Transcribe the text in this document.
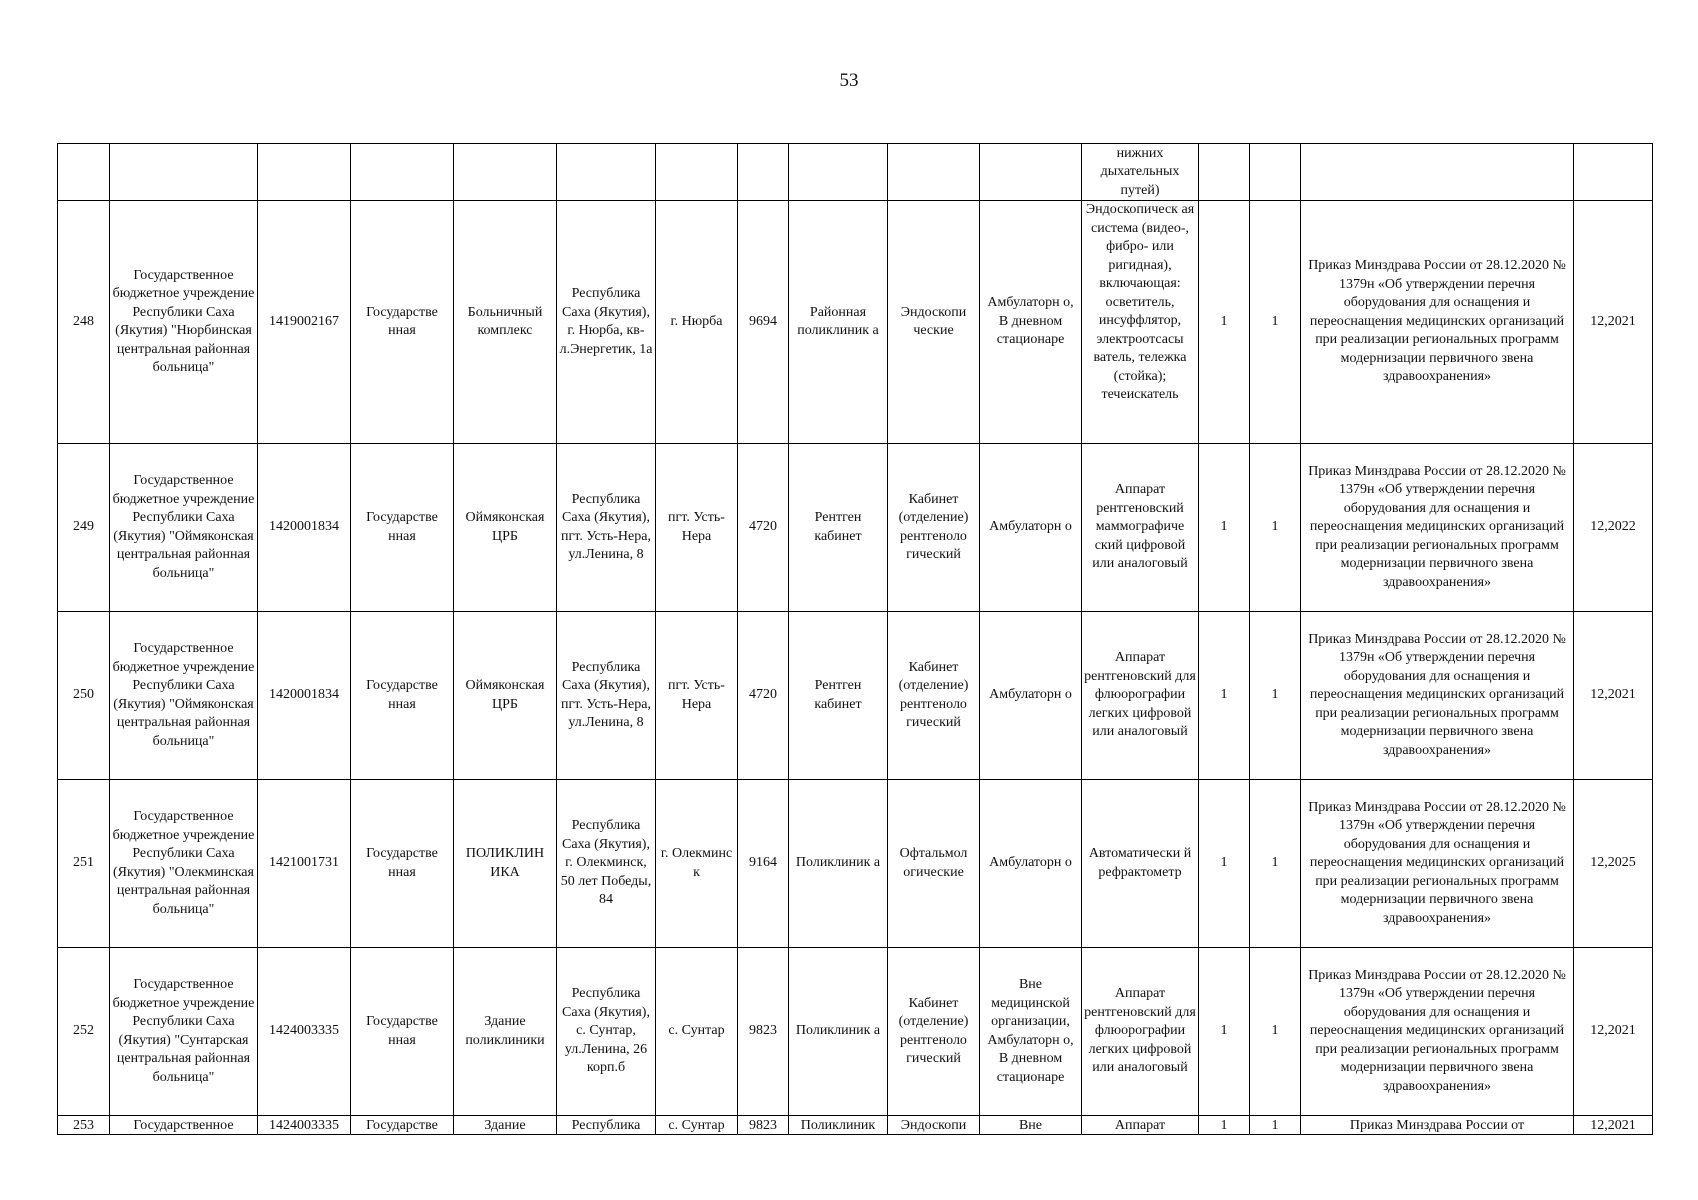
53
											нижних дыхательных путей)				
248	Государственное бюджетное учреждение Республики Саха (Якутия) "Нюрбинская центральная районная больница"	1419002167	Государстве нная	Больничный комплекс	Республика Саха (Якутия), г. Нюрба, кв-л.Энергетик, 1а	г. Нюрба	9694	Районная поликлиник а	Эндоскопи ческие	Амбулаторн о, В дневном стационаре	Эндоскопическ ая система (видео-, фибро- или ригидная), включающая: осветитель, инсуффлятор, электроотсасы ватель, тележка (стойка); течеискатель	1	1	Приказ Минздрава России от 28.12.2020 № 1379н «Об утверждении перечня оборудования для оснащения и переоснащения медицинских организаций при реализации региональных программ модернизации первичного звена здравоохранения»	12,2021
249	Государственное бюджетное учреждение Республики Саха (Якутия) "Оймяконская центральная районная больница"	1420001834	Государстве нная	Оймяконская ЦРБ	Республика Саха (Якутия), пгт. Усть-Нера, ул.Ленина, 8	пгт. Усть-Нера	4720	Рентген кабинет	Кабинет (отделение) рентгеноло гический	Амбулаторн о	Аппарат рентгеновский маммографиче ский цифровой или аналоговый	1	1	Приказ Минздрава России от 28.12.2020 № 1379н «Об утверждении перечня оборудования для оснащения и переоснащения медицинских организаций при реализации региональных программ модернизации первичного звена здравоохранения»	12,2022
250	Государственное бюджетное учреждение Республики Саха (Якутия) "Оймяконская центральная районная больница"	1420001834	Государстве нная	Оймяконская ЦРБ	Республика Саха (Якутия), пгт. Усть-Нера, ул.Ленина, 8	пгт. Усть-Нера	4720	Рентген кабинет	Кабинет (отделение) рентгеноло гический	Амбулаторн о	Аппарат рентгеновский для флюорографии легких цифровой или аналоговый	1	1	Приказ Минздрава России от 28.12.2020 № 1379н «Об утверждении перечня оборудования для оснащения и переоснащения медицинских организаций при реализации региональных программ модернизации первичного звена здравоохранения»	12,2021
251	Государственное бюджетное учреждение Республики Саха (Якутия) "Олекминская центральная районная больница"	1421001731	Государстве нная	ПОЛИКЛИН ИКА	Республика Саха (Якутия), г. Олекминск, 50 лет Победы, 84	г. Олекминс к	9164	Поликлиник а	Офтальмол огические	Амбулаторн о	Автоматически й рефрактометр	1	1	Приказ Минздрава России от 28.12.2020 № 1379н «Об утверждении перечня оборудования для оснащения и переоснащения медицинских организаций при реализации региональных программ модернизации первичного звена здравоохранения»	12,2025
252	Государственное бюджетное учреждение Республики Саха (Якутия) "Сунтарская центральная районная больница"	1424003335	Государстве нная	Здание поликлиники	Республика Саха (Якутия), с. Сунтар, ул.Ленина, 26 корп.б	с. Сунтар	9823	Поликлиник а	Кабинет (отделение) рентгеноло гический	Вне медицинской организации, Амбулаторн о, В дневном стационаре	Аппарат рентгеновский для флюорографии легких цифровой или аналоговый	1	1	Приказ Минздрава России от 28.12.2020 № 1379н «Об утверждении перечня оборудования для оснащения и переоснащения медицинских организаций при реализации региональных программ модернизации первичного звена здравоохранения»	12,2021
253	Государственное	1424003335	Государстве	Здание	Республика	с. Сунтар	9823	Поликлиник	Эндоскопи	Вне	Аппарат	1	1	Приказ Минздрава России от	12,2021
